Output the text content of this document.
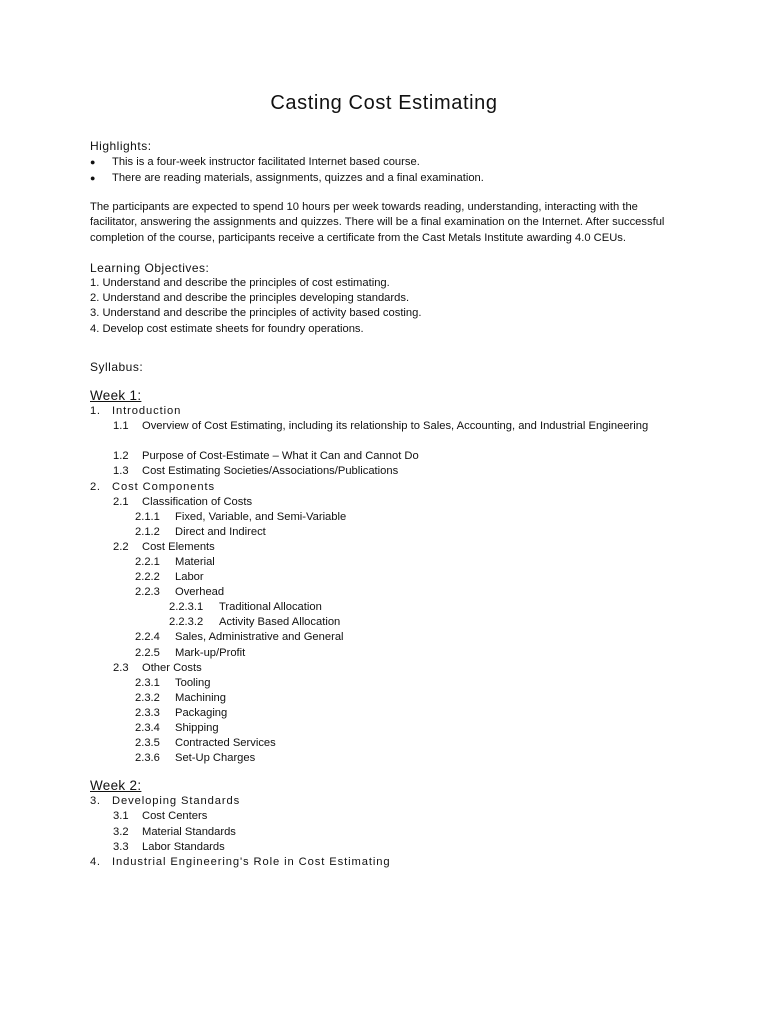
Casting Cost Estimating
Highlights:
● This is a four-week instructor facilitated Internet based course.
● There are reading materials, assignments, quizzes and a final examination.
The participants are expected to spend 10 hours per week towards reading, understanding, interacting with the facilitator, answering the assignments and quizzes. There will be a final examination on the Internet. After successful completion of the course, participants receive a certificate from the Cast Metals Institute awarding 4.0 CEUs.
Learning Objectives:
1. Understand and describe the principles of cost estimating.
2. Understand and describe the principles developing standards.
3. Understand and describe the principles of activity based costing.
4. Develop cost estimate sheets for foundry operations.
Syllabus:
Week 1:
1. Introduction
1.1 Overview of Cost Estimating, including its relationship to Sales, Accounting, and Industrial Engineering
1.2 Purpose of Cost-Estimate – What it Can and Cannot Do
1.3 Cost Estimating Societies/Associations/Publications
2. Cost Components
2.1 Classification of Costs
2.1.1 Fixed, Variable, and Semi-Variable
2.1.2 Direct and Indirect
2.2 Cost Elements
2.2.1 Material
2.2.2 Labor
2.2.3 Overhead
2.2.3.1 Traditional Allocation
2.2.3.2 Activity Based Allocation
2.2.4 Sales, Administrative and General
2.2.5 Mark-up/Profit
2.3 Other Costs
2.3.1 Tooling
2.3.2 Machining
2.3.3 Packaging
2.3.4 Shipping
2.3.5 Contracted Services
2.3.6 Set-Up Charges
Week 2:
3. Developing Standards
3.1 Cost Centers
3.2 Material Standards
3.3 Labor Standards
4. Industrial Engineering's Role in Cost Estimating
